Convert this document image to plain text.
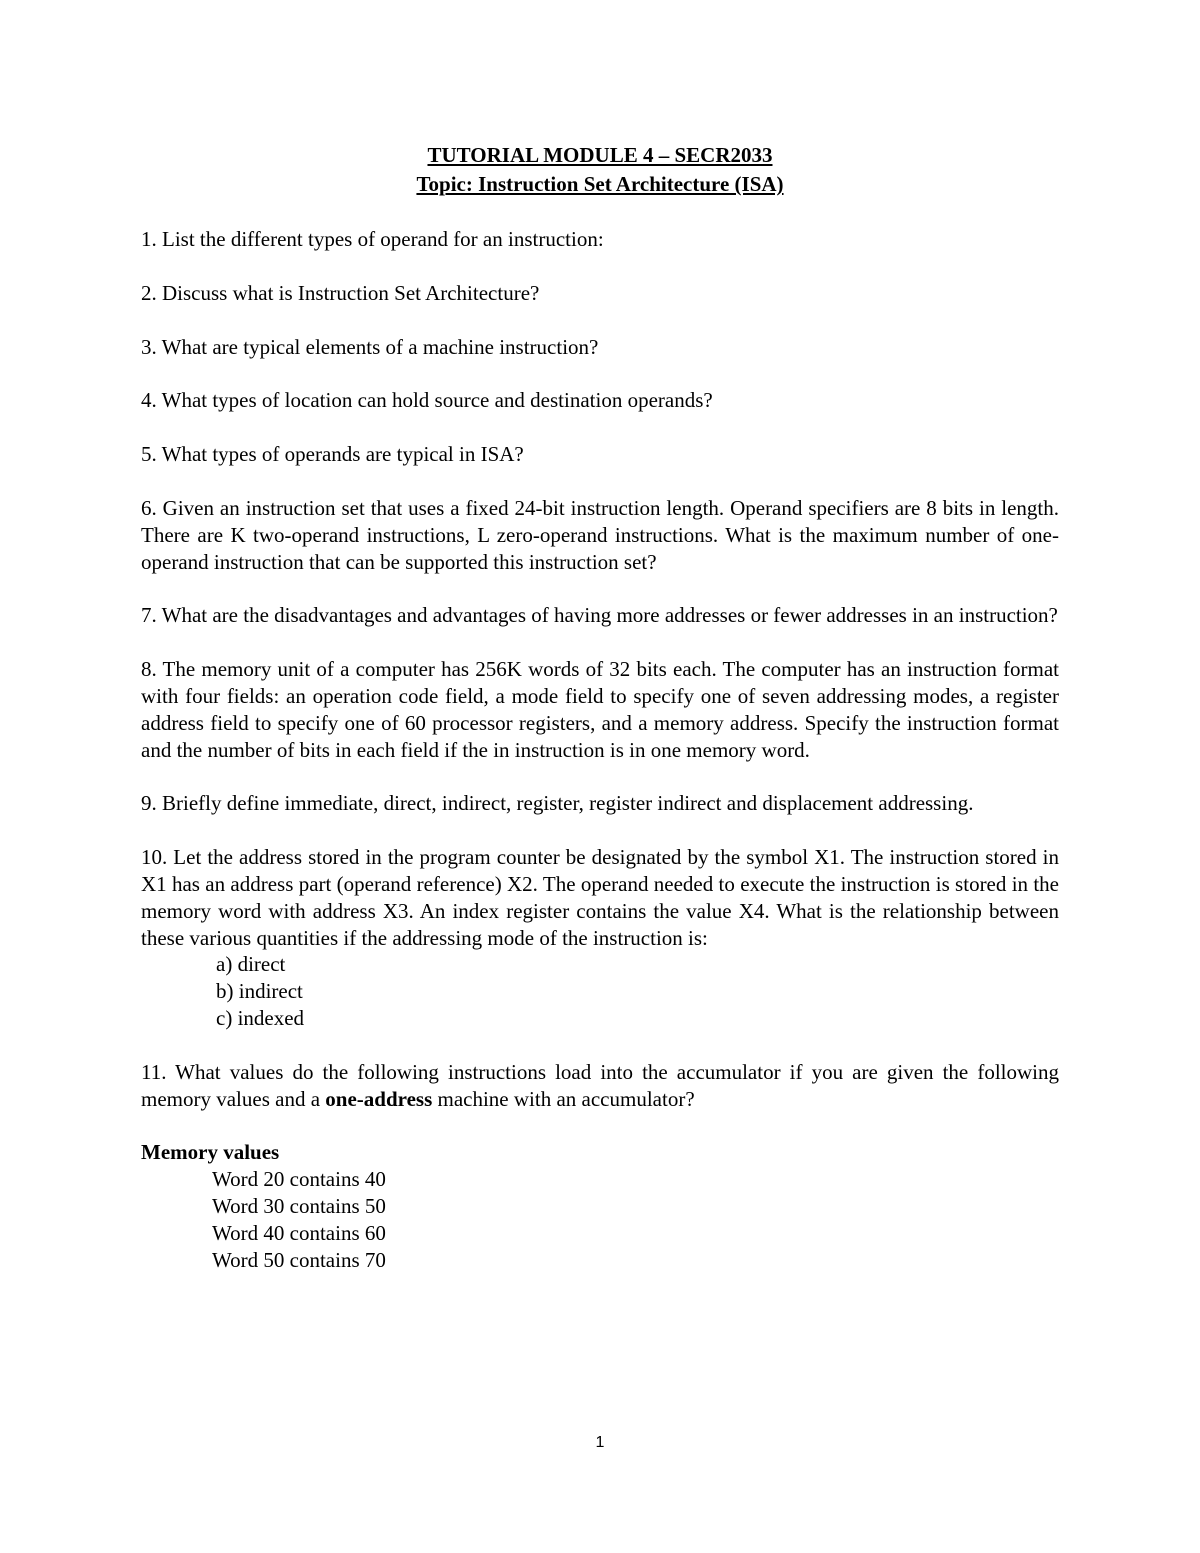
TUTORIAL MODULE 4 – SECR2033
Topic: Instruction Set Architecture (ISA)

1. List the different types of operand for an instruction:

2. Discuss what is Instruction Set Architecture?

3. What are typical elements of a machine instruction?

4. What types of location can hold source and destination operands?

5. What types of operands are typical in ISA?

6. Given an instruction set that uses a fixed 24-bit instruction length. Operand specifiers are 8 bits in length. There are K two-operand instructions, L zero-operand instructions. What is the maximum number of one-operand instruction that can be supported this instruction set?

7. What are the disadvantages and advantages of having more addresses or fewer addresses in an instruction?

8. The memory unit of a computer has 256K words of 32 bits each. The computer has an instruction format with four fields: an operation code field, a mode field to specify one of seven addressing modes, a register address field to specify one of 60 processor registers, and a memory address. Specify the instruction format and the number of bits in each field if the in instruction is in one memory word.

9. Briefly define immediate, direct, indirect, register, register indirect and displacement addressing.

10. Let the address stored in the program counter be designated by the symbol X1. The instruction stored in X1 has an address part (operand reference) X2. The operand needed to execute the instruction is stored in the memory word with address X3. An index register contains the value X4. What is the relationship between these various quantities if the addressing mode of the instruction is:

a) direct

b) indirect

c) indexed

11. What values do the following instructions load into the accumulator if you are given the following memory values and a one-address machine with an accumulator?

Memory values

Word 20 contains 40

Word 30 contains 50

Word 40 contains 60

Word 50 contains 70

1
